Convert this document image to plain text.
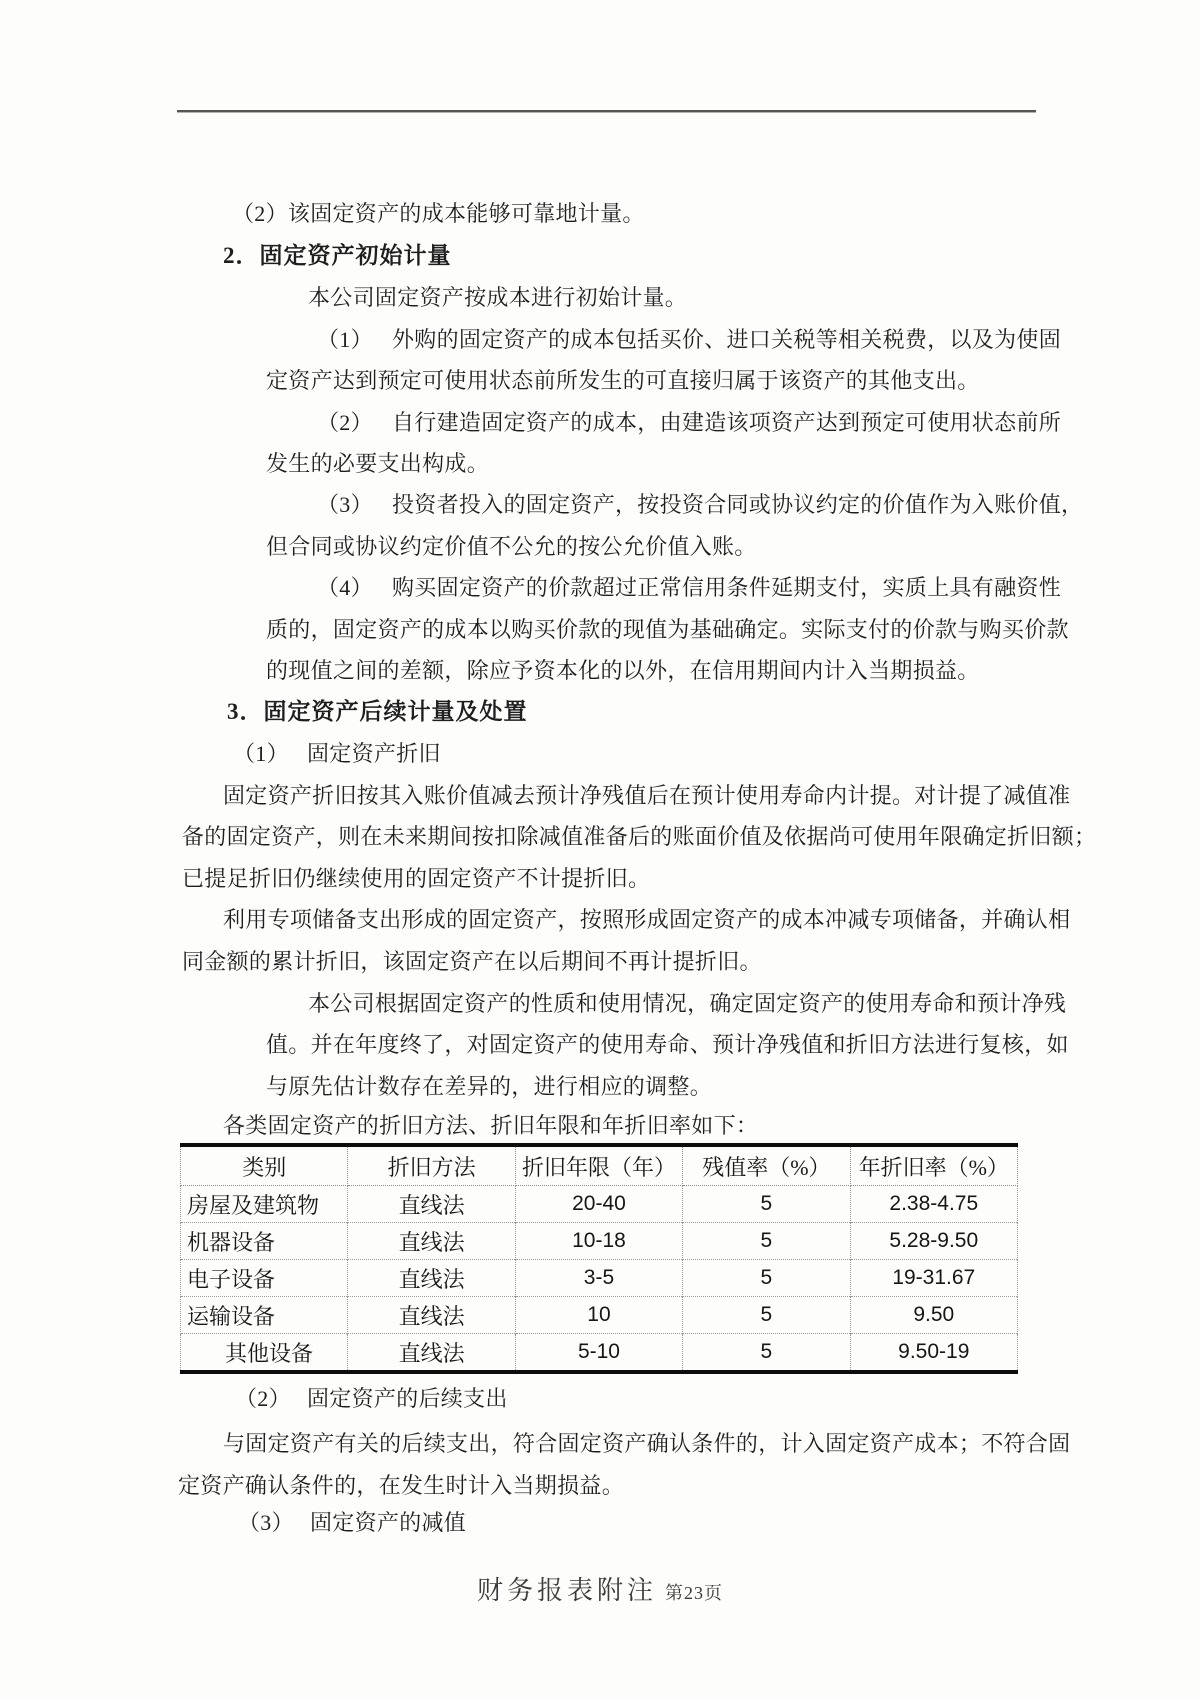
（2）该固定资产的成本能够可靠地计量。
2．固定资产初始计量
本公司固定资产按成本进行初始计量。
（1） 外购的固定资产的成本包括买价、进口关税等相关税费，以及为使固
定资产达到预定可使用状态前所发生的可直接归属于该资产的其他支出。
（2） 自行建造固定资产的成本，由建造该项资产达到预定可使用状态前所
发生的必要支出构成。
（3） 投资者投入的固定资产，按投资合同或协议约定的价值作为入账价值，
但合同或协议约定价值不公允的按公允价值入账。
（4） 购买固定资产的价款超过正常信用条件延期支付，实质上具有融资性
质的，固定资产的成本以购买价款的现值为基础确定。实际支付的价款与购买价款
的现值之间的差额，除应予资本化的以外，在信用期间内计入当期损益。
3．固定资产后续计量及处置
（1） 固定资产折旧
固定资产折旧按其入账价值减去预计净残值后在预计使用寿命内计提。对计提了减值准
备的固定资产，则在未来期间按扣除减值准备后的账面价值及依据尚可使用年限确定折旧额；
已提足折旧仍继续使用的固定资产不计提折旧。
利用专项储备支出形成的固定资产，按照形成固定资产的成本冲减专项储备，并确认相
同金额的累计折旧，该固定资产在以后期间不再计提折旧。
本公司根据固定资产的性质和使用情况，确定固定资产的使用寿命和预计净残
值。并在年度终了，对固定资产的使用寿命、预计净残值和折旧方法进行复核，如
与原先估计数存在差异的，进行相应的调整。
各类固定资产的折旧方法、折旧年限和年折旧率如下：
（2） 固定资产的后续支出
与固定资产有关的后续支出，符合固定资产确认条件的，计入固定资产成本；不符合固
定资产确认条件的，在发生时计入当期损益。
（3） 固定资产的减值
类别	折旧方法	折旧年限（年）	残值率（%）	年折旧率（%）
房屋及建筑物	直线法	20-40	5	2.38-4.75
机器设备	直线法	10-18	5	5.28-9.50
电子设备	直线法	3-5	5	19-31.67
运输设备	直线法	10	5	9.50
其他设备	直线法	5-10	5	9.50-19
财务报表附注 第23页
